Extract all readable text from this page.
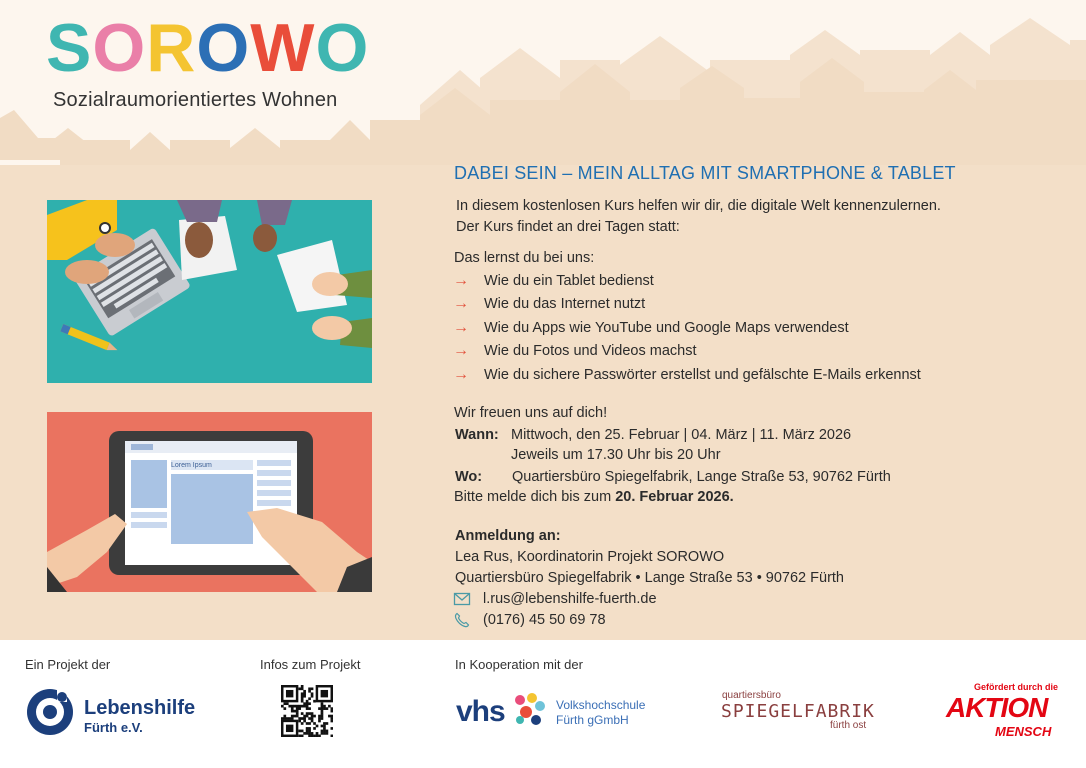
SOROWO
Sozialraumorientiertes Wohnen
Lorem Ipsum
DABEI SEIN – MEIN ALLTAG MIT SMARTPHONE & TABLET
In diesem kostenlosen Kurs helfen wir dir, die digitale Welt kennenzulernen.
Der Kurs findet an drei Tagen statt:
Das lernst du bei uns:
→	Wie du ein Tablet bedienst
→	Wie du das Internet nutzt
→	Wie du Apps wie YouTube und Google Maps verwendest
→	Wie du Fotos und Videos machst
→	Wie du sichere Passwörter erstellst und gefälschte E-Mails erkennst
Wir freuen uns auf dich!
Wann: Mittwoch, den 25. Februar | 04. März | 11. März 2026
Jeweils um 17.30 Uhr bis 20 Uhr
Wo: Quartiersbüro Spiegelfabrik, Lange Straße 53, 90762 Fürth
Bitte melde dich bis zum 20. Februar 2026.
Anmeldung an:
Lea Rus, Koordinatorin Projekt SOROWO
Quartiersbüro Spiegelfabrik • Lange Straße 53 • 90762 Fürth
l.rus@lebenshilfe-fuerth.de
(0176) 45 50 69 78
Ein Projekt der	Infos zum Projekt	In Kooperation mit der
Lebenshilfe
Fürth e.V.	vhs	Volkshochschule
Fürth gGmbH
quartiersbüro
SPIEGELFABRIK
fürth ost
Gefördert durch die
AKTION
MENSCH
